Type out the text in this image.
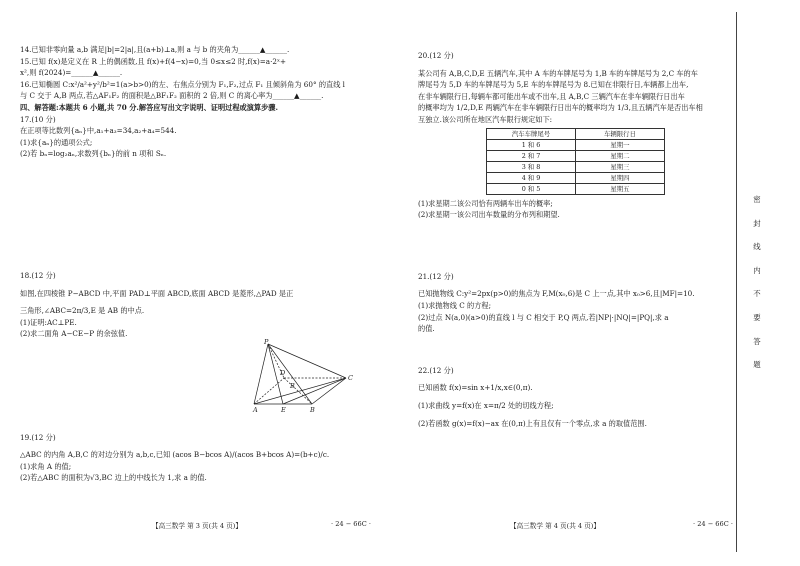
14.已知非零向量 a,b 满足|b|=2|a|,且(a+b)⊥a,则 a 与 b 的夹角为______▲______.
15.已知 f(x)是定义在 R 上的偶函数,且 f(x)+f(4−x)=0,当 0≤x≤2 时,f(x)=a·2ˣ+
x²,则 f(2024)=______▲______.
16.已知椭圆 C:x²/a²+y²/b²=1(a>b>0)的左、右焦点分别为 F₁,F₂,过点 F₁ 且倾斜角为 60° 的直线 l
与 C 交于 A,B 两点,若△AF₁F₂ 的面积是△BF₁F₂ 面积的 2 倍,则 C 的离心率为______▲______.
四、解答题:本题共 6 小题,共 70 分.解答应写出文字说明、证明过程或演算步骤.
17.(10 分)
在正项等比数列{aₙ}中,a₁+a₃=34,a₂+a₄=544.
(1)求{aₙ}的通项公式;
(2)若 bₙ=log₂aₙ,求数列{bₙ}的前 n 项和 Sₙ.
18.(12 分)
如图,在四棱锥 P−ABCD 中,平面 PAD⊥平面 ABCD,底面 ABCD 是菱形,△PAD 是正
三角形,∠ABC=2π/3,E 是 AB 的中点.
(1)证明:AC⊥PE.
(2)求二面角 A−CE−P 的余弦值.
P
D
B
C
A	E	B
19.(12 分)
△ABC 的内角 A,B,C 的对边分别为 a,b,c,已知 (acos B−bcos A)/(acos B+bcos A)=(b+c)/c.
(1)求角 A 的值;
(2)若△ABC 的面积为√3,BC 边上的中线长为 1,求 a 的值.
20.(12 分)
某公司有 A,B,C,D,E 五辆汽车,其中 A 车的车牌尾号为 1,B 车的车牌尾号为 2,C 车的车
牌尾号为 5,D 车的车牌尾号为 5,E 车的车牌尾号为 8.已知在非限行日,车辆都上出车,
在非车辆限行日,每辆车都可能出车或不出车,且 A,B,C 三辆汽车在非车辆限行日出车
的概率均为 1/2,D,E 两辆汽车在非车辆限行日出车的概率均为 1/3,且五辆汽车是否出车相
互独立.该公司所在地区汽车限行规定如下:
汽车车牌尾号	车辆限行日
1 和 6	星期一
2 和 7	星期二
3 和 8	星期三
4 和 9	星期四
0 和 5	星期五
(1)求星期二该公司恰有两辆车出车的概率;
(2)求星期一该公司出车数量的分布列和期望.
21.(12 分)
已知抛物线 C:y²=2px(p>0)的焦点为 F,M(x₀,6)是 C 上一点,其中 x₀>6,且|MF|=10.
(1)求抛物线 C 的方程;
(2)过点 N(a,0)(a>0)的直线 l 与 C 相交于 P,Q 两点,若|NP|·|NQ|=|PQ|,求 a
的值.
22.(12 分)
已知函数 f(x)=sin x+1/x,x∈(0,π).
(1)求曲线 y=f(x)在 x=π/2 处的切线方程;
(2)若函数 g(x)=f(x)−ax 在(0,π)上有且仅有一个零点,求 a 的取值范围.
【高三数学 第 3 页(共 4 页)】	· 24 − 66C ·	【高三数学 第 4 页(共 4 页)】	· 24 − 66C ·
密
封
线
内
不
要
答
题
